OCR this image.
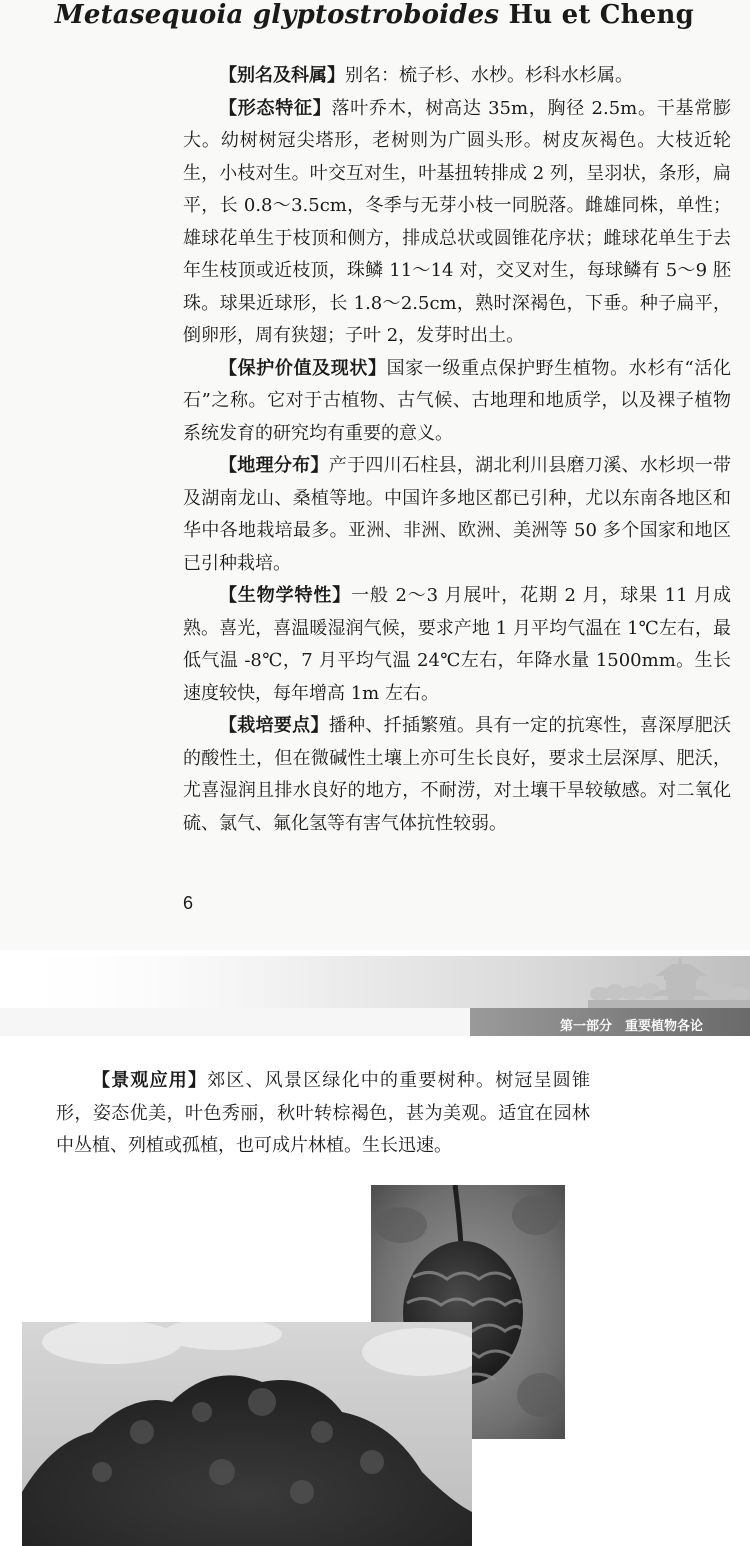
Metasequoia glyptostroboides Hu et Cheng

【别名及科属】别名：梳子杉、水杪。杉科水杉属。

【形态特征】落叶乔木，树高达 35m，胸径 2.5m。干基常膨大。幼树树冠尖塔形，老树则为广圆头形。树皮灰褐色。大枝近轮生，小枝对生。叶交互对生，叶基扭转排成 2 列，呈羽状，条形，扁平，长 0.8～3.5cm，冬季与无芽小枝一同脱落。雌雄同株，单性；雄球花单生于枝顶和侧方，排成总状或圆锥花序状；雌球花单生于去年生枝顶或近枝顶，珠鳞 11～14 对，交叉对生，每球鳞有 5～9 胚珠。球果近球形，长 1.8～2.5cm，熟时深褐色，下垂。种子扁平，倒卵形，周有狭翅；子叶 2，发芽时出土。

【保护价值及现状】国家一级重点保护野生植物。水杉有“活化石”之称。它对于古植物、古气候、古地理和地质学，以及裸子植物系统发育的研究均有重要的意义。

【地理分布】产于四川石柱县，湖北利川县磨刀溪、水杉坝一带及湖南龙山、桑植等地。中国许多地区都已引种，尤以东南各地区和华中各地栽培最多。亚洲、非洲、欧洲、美洲等 50 多个国家和地区已引种栽培。

【生物学特性】一般 2～3 月展叶，花期 2 月，球果 11 月成熟。喜光，喜温暖湿润气候，要求产地 1 月平均气温在 1℃左右，最低气温 -8℃，7 月平均气温 24℃左右，年降水量 1500mm。生长速度较快，每年增高 1m 左右。

【栽培要点】播种、扦插繁殖。具有一定的抗寒性，喜深厚肥沃的酸性土，但在微碱性土壤上亦可生长良好，要求土层深厚、肥沃，尤喜湿润且排水良好的地方，不耐涝，对土壤干旱较敏感。对二氧化硫、氯气、氟化氢等有害气体抗性较弱。

6
第一部分　重要植物各论

【景观应用】郊区、风景区绿化中的重要树种。树冠呈圆锥形，姿态优美，叶色秀丽，秋叶转棕褐色，甚为美观。适宜在园林中丛植、列植或孤植，也可成片林植。生长迅速。
